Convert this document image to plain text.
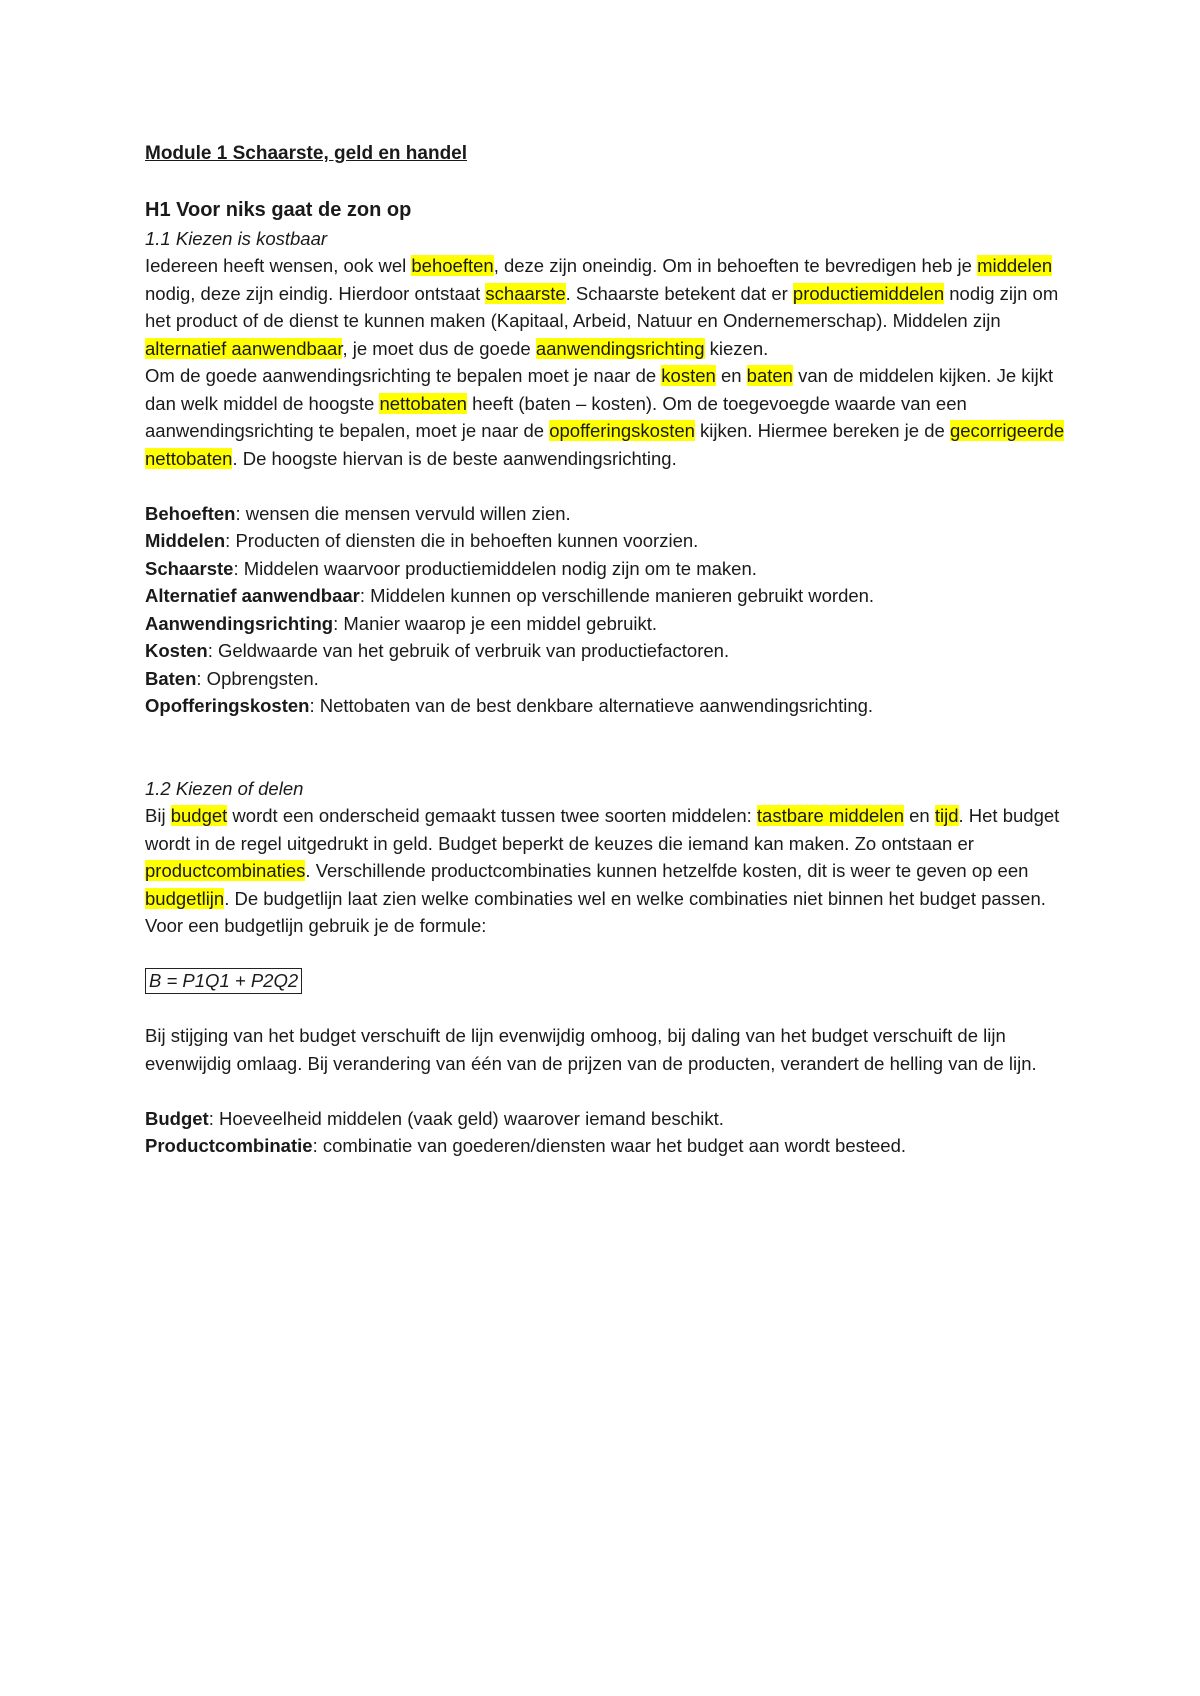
Module 1 Schaarste, geld en handel

H1 Voor niks gaat de zon op

1.1 Kiezen is kostbaar

Iedereen heeft wensen, ook wel behoeften, deze zijn oneindig. Om in behoeften te bevredigen heb je middelen nodig, deze zijn eindig. Hierdoor ontstaat schaarste. Schaarste betekent dat er productiemiddelen nodig zijn om het product of de dienst te kunnen maken (Kapitaal, Arbeid, Natuur en Ondernemerschap). Middelen zijn alternatief aanwendbaar, je moet dus de goede aanwendingsrichting kiezen.

Om de goede aanwendingsrichting te bepalen moet je naar de kosten en baten van de middelen kijken. Je kijkt dan welk middel de hoogste nettobaten heeft (baten – kosten). Om de toegevoegde waarde van een aanwendingsrichting te bepalen, moet je naar de opofferingskosten kijken. Hiermee bereken je de gecorrigeerde nettobaten. De hoogste hiervan is de beste aanwendingsrichting.

Behoeften: wensen die mensen vervuld willen zien.

Middelen: Producten of diensten die in behoeften kunnen voorzien.

Schaarste: Middelen waarvoor productiemiddelen nodig zijn om te maken.

Alternatief aanwendbaar: Middelen kunnen op verschillende manieren gebruikt worden.

Aanwendingsrichting: Manier waarop je een middel gebruikt.

Kosten: Geldwaarde van het gebruik of verbruik van productiefactoren.

Baten: Opbrengsten.

Opofferingskosten: Nettobaten van de best denkbare alternatieve aanwendingsrichting.

1.2 Kiezen of delen

Bij budget wordt een onderscheid gemaakt tussen twee soorten middelen: tastbare middelen en tijd. Het budget wordt in de regel uitgedrukt in geld. Budget beperkt de keuzes die iemand kan maken. Zo ontstaan er productcombinaties. Verschillende productcombinaties kunnen hetzelfde kosten, dit is weer te geven op een budgetlijn. De budgetlijn laat zien welke combinaties wel en welke combinaties niet binnen het budget passen. Voor een budgetlijn gebruik je de formule:

B = P1Q1 + P2Q2

Bij stijging van het budget verschuift de lijn evenwijdig omhoog, bij daling van het budget verschuift de lijn evenwijdig omlaag. Bij verandering van één van de prijzen van de producten, verandert de helling van de lijn.

Budget: Hoeveelheid middelen (vaak geld) waarover iemand beschikt.

Productcombinatie: combinatie van goederen/diensten waar het budget aan wordt besteed.
